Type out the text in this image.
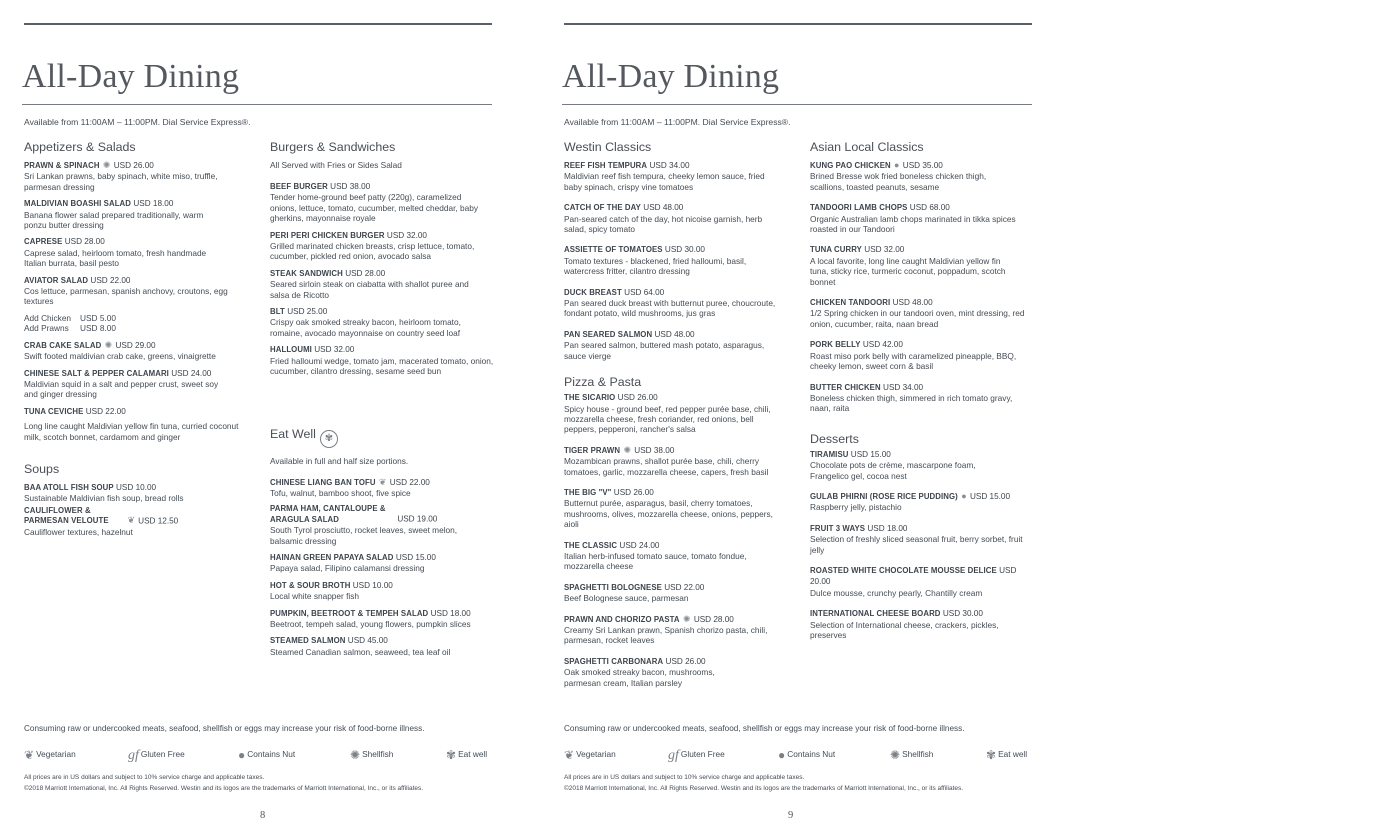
All-Day Dining
Available from 11:00AM – 11:00PM. Dial Service Express®.
Appetizers & Salads
PRAWN & SPINACH ✺ USD 26.00
Sri Lankan prawns, baby spinach, white miso, truffle, parmesan dressing
MALDIVIAN BOASHI SALAD USD 18.00
Banana flower salad prepared traditionally, warm ponzu butter dressing
CAPRESE USD 28.00
Caprese salad, heirloom tomato, fresh handmade Italian burrata, basil pesto
AVIATOR SALAD USD 22.00
Cos lettuce, parmesan, spanish anchovy, croutons, egg textures
Add Chicken USD 5.00
Add Prawns USD 8.00
CRAB CAKE SALAD ✺ USD 29.00
Swift footed maldivian crab cake, greens, vinaigrette
CHINESE SALT & PEPPER CALAMARI USD 24.00
Maldivian squid in a salt and pepper crust, sweet soy and ginger dressing
TUNA CEVICHE USD 22.00
Long line caught Maldivian yellow fin tuna, curried coconut milk, scotch bonnet, cardamom and ginger
Soups
BAA ATOLL FISH SOUP USD 10.00
Sustainable Maldivian fish soup, bread rolls
CAULIFLOWER & PARMESAN VELOUTE ❦ USD 12.50
Cauliflower textures, hazelnut
Burgers & Sandwiches
All Served with Fries or Sides Salad
BEEF BURGER USD 38.00
Tender home-ground beef patty (220g), caramelized onions, lettuce, tomato, cucumber, melted cheddar, baby gherkins, mayonnaise royale
PERI PERI CHICKEN BURGER USD 32.00
Grilled marinated chicken breasts, crisp lettuce, tomato, cucumber, pickled red onion, avocado salsa
STEAK SANDWICH USD 28.00
Seared sirloin steak on ciabatta with shallot puree and salsa de Ricotto
BLT USD 25.00
Crispy oak smoked streaky bacon, heirloom tomato, romaine, avocado mayonnaise on country seed loaf
HALLOUMI USD 32.00
Fried halloumi wedge, tomato jam, macerated tomato, onion, cucumber, cilantro dressing, sesame seed bun
Eat Well ✾
Available in full and half size portions.
CHINESE LIANG BAN TOFU ❦ USD 22.00
Tofu, walnut, bamboo shoot, five spice
PARMA HAM, CANTALOUPE & ARAGULA SALAD	USD 19.00
South Tyrol prosciutto, rocket leaves, sweet melon, balsamic dressing
HAINAN GREEN PAPAYA SALAD USD 15.00
Papaya salad, Filipino calamansi dressing
HOT & SOUR BROTH USD 10.00
Local white snapper fish
PUMPKIN, BEETROOT & TEMPEH SALAD USD 18.00
Beetroot, tempeh salad, young flowers, pumpkin slices
STEAMED SALMON USD 45.00
Steamed Canadian salmon, seaweed, tea leaf oil
Consuming raw or undercooked meats, seafood, shellfish or eggs may increase your risk of food-borne illness.
❦ Vegetarian	gf Gluten Free	● Contains Nut	✺ Shellfish	✾ Eat well
All prices are in US dollars and subject to 10% service charge and applicable taxes.
©2018 Marriott International, Inc. All Rights Reserved. Westin and its logos are the trademarks of Marriott International, Inc., or its affiliates.
8
All-Day Dining
Available from 11:00AM – 11:00PM. Dial Service Express®.
Westin Classics
REEF FISH TEMPURA USD 34.00
Maldivian reef fish tempura, cheeky lemon sauce, fried baby spinach, crispy vine tomatoes
CATCH OF THE DAY USD 48.00
Pan-seared catch of the day, hot nicoise garnish, herb salad, spicy tomato
ASSIETTE OF TOMATOES USD 30.00
Tomato textures - blackened, fried halloumi, basil, watercress fritter, cilantro dressing
DUCK BREAST USD 64.00
Pan seared duck breast with butternut puree, choucroute, fondant potato, wild mushrooms, jus gras
PAN SEARED SALMON USD 48.00
Pan seared salmon, buttered mash potato, asparagus, sauce vierge
Pizza & Pasta
THE SICARIO USD 26.00
Spicy house - ground beef, red pepper purée base, chili, mozzarella cheese, fresh coriander, red onions, bell peppers, pepperoni, rancher's salsa
TIGER PRAWN ✺ USD 38.00
Mozambican prawns, shallot purée base, chili, cherry tomatoes, garlic, mozzarella cheese, capers, fresh basil
THE BIG "V" USD 26.00
Butternut purée, asparagus, basil, cherry tomatoes, mushrooms, olives, mozzarella cheese, onions, peppers, aioli
THE CLASSIC USD 24.00
Italian herb-infused tomato sauce, tomato fondue, mozzarella cheese
SPAGHETTI BOLOGNESE USD 22.00
Beef Bolognese sauce, parmesan
PRAWN AND CHORIZO PASTA ✺ USD 28.00
Creamy Sri Lankan prawn, Spanish chorizo pasta, chili, parmesan, rocket leaves
SPAGHETTI CARBONARA USD 26.00
Oak smoked streaky bacon, mushrooms, parmesan cream, Italian parsley
Asian Local Classics
KUNG PAO CHICKEN ● USD 35.00
Brined Bresse wok fried boneless chicken thigh, scallions, toasted peanuts, sesame
TANDOORI LAMB CHOPS USD 68.00
Organic Australian lamb chops marinated in tikka spices roasted in our Tandoori
TUNA CURRY USD 32.00
A local favorite, long line caught Maldivian yellow fin tuna, sticky rice, turmeric coconut, poppadum, scotch bonnet
CHICKEN TANDOORI USD 48.00
1/2 Spring chicken in our tandoori oven, mint dressing, red onion, cucumber, raita, naan bread
PORK BELLY USD 42.00
Roast miso pork belly with caramelized pineapple, BBQ, cheeky lemon, sweet corn & basil
BUTTER CHICKEN USD 34.00
Boneless chicken thigh, simmered in rich tomato gravy, naan, raita
Desserts
TIRAMISU USD 15.00
Chocolate pots de crème, mascarpone foam, Frangelico gel, cocoa nest
GULAB PHIRNI (ROSE RICE PUDDING) ● USD 15.00
Raspberry jelly, pistachio
FRUIT 3 WAYS USD 18.00
Selection of freshly sliced seasonal fruit, berry sorbet, fruit jelly
ROASTED WHITE CHOCOLATE MOUSSE DELICE USD 20.00
Dulce mousse, crunchy pearly, Chantilly cream
INTERNATIONAL CHEESE BOARD USD 30.00
Selection of International cheese, crackers, pickles, preserves
Consuming raw or undercooked meats, seafood, shellfish or eggs may increase your risk of food-borne illness.
❦ Vegetarian	gf Gluten Free	● Contains Nut	✺ Shellfish	✾ Eat well
All prices are in US dollars and subject to 10% service charge and applicable taxes.
©2018 Marriott International, Inc. All Rights Reserved. Westin and its logos are the trademarks of Marriott International, Inc., or its affiliates.
9
